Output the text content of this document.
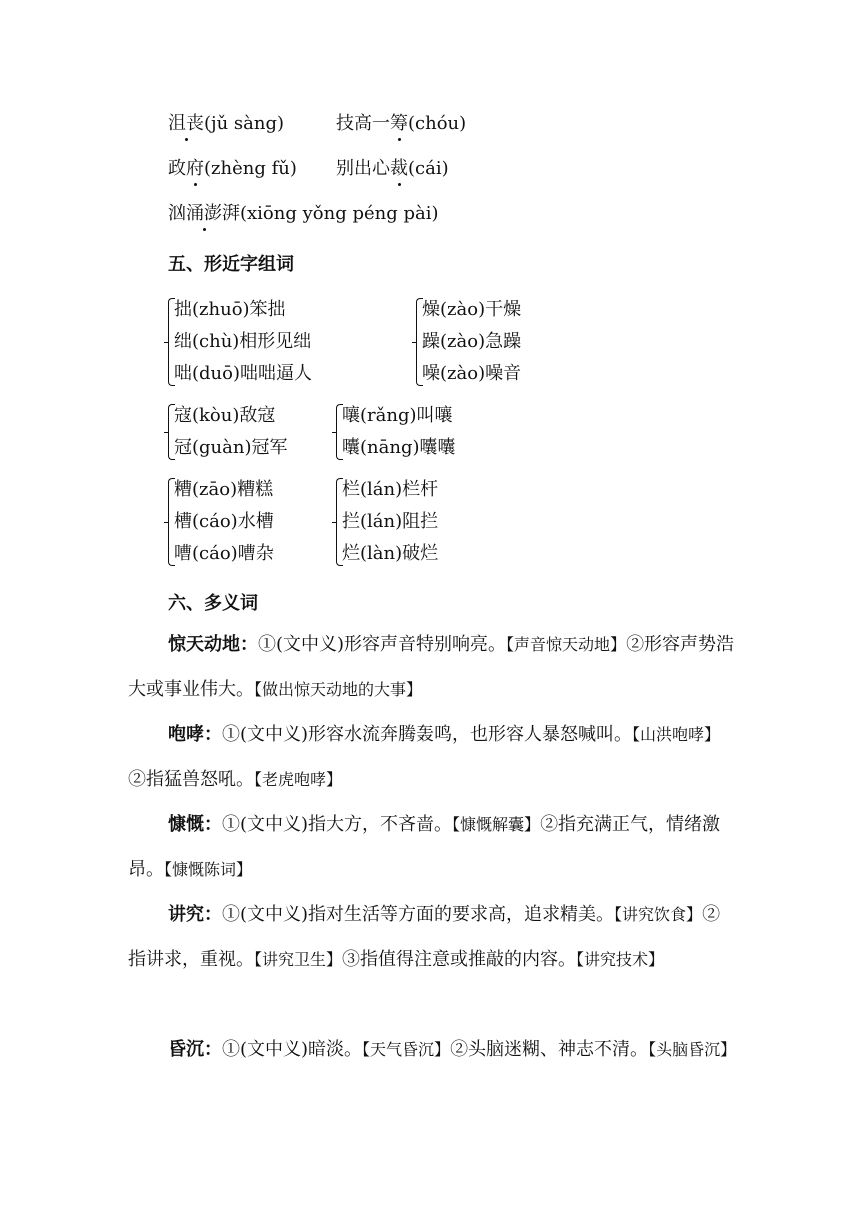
沮丧(jǔ sàng)	技高一筹(chóu)
政府(zhèng fǔ) 别出心裁(cái)
汹涌澎湃(xiōng yǒng péng pài)
五、形近字组词
拙(zhuō)笨拙
绌(chù)相形见绌
咄(duō)咄咄逼人
燥(zào)干燥
躁(zào)急躁
噪(zào)噪音
寇(kòu)敌寇
冠(guàn)冠军
嚷(rǎng)叫嚷
囔(nāng)囔囔
糟(zāo)糟糕
槽(cáo)水槽
嘈(cáo)嘈杂
栏(lán)栏杆
拦(lán)阻拦
烂(làn)破烂
六、多义词
惊天动地：①(文中义)形容声音特别响亮。【声音惊天动地】②形容声势浩大或事业伟大。【做出惊天动地的大事】
咆哮：①(文中义)形容水流奔腾轰鸣，也形容人暴怒喊叫。【山洪咆哮】②指猛兽怒吼。【老虎咆哮】
慷慨：①(文中义)指大方，不吝啬。【慷慨解囊】②指充满正气，情绪激昂。【慷慨陈词】
讲究：①(文中义)指对生活等方面的要求高，追求精美。【讲究饮食】②指讲求，重视。【讲究卫生】③指值得注意或推敲的内容。【讲究技术】
昏沉：①(文中义)暗淡。【天气昏沉】②头脑迷糊、神志不清。【头脑昏沉】
